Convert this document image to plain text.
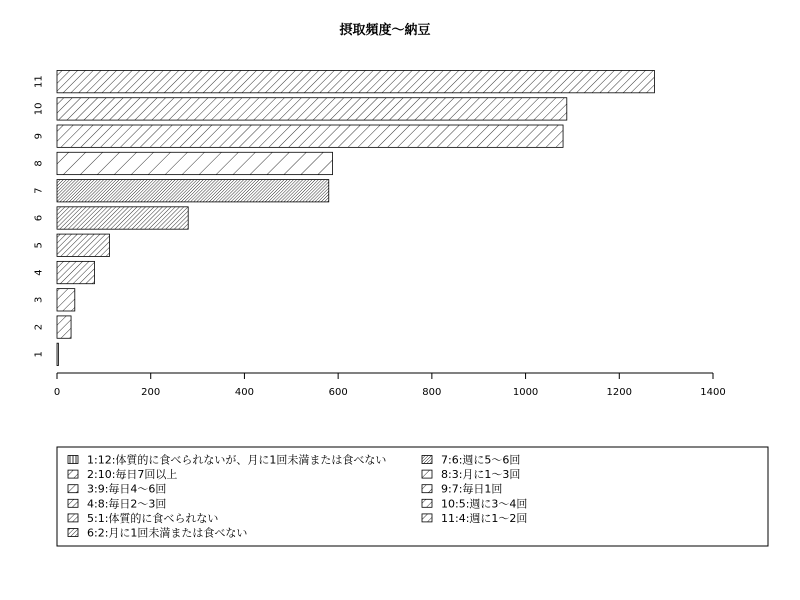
摂取頻度～納豆
0	200	400	600	800	1000	1200	1400
1
2
3
4
5
6
7
8
9
10
11
1:12:体質的に食べられないが、月に1回未満または食べない
2:10:毎日7回以上
3:9:毎日4～6回
4:8:毎日2～3回
5:1:体質的に食べられない
6:2:月に1回未満または食べない
7:6:週に5～6回
8:3:月に1～3回
9:7:毎日1回
10:5:週に3～4回
11:4:週に1～2回
